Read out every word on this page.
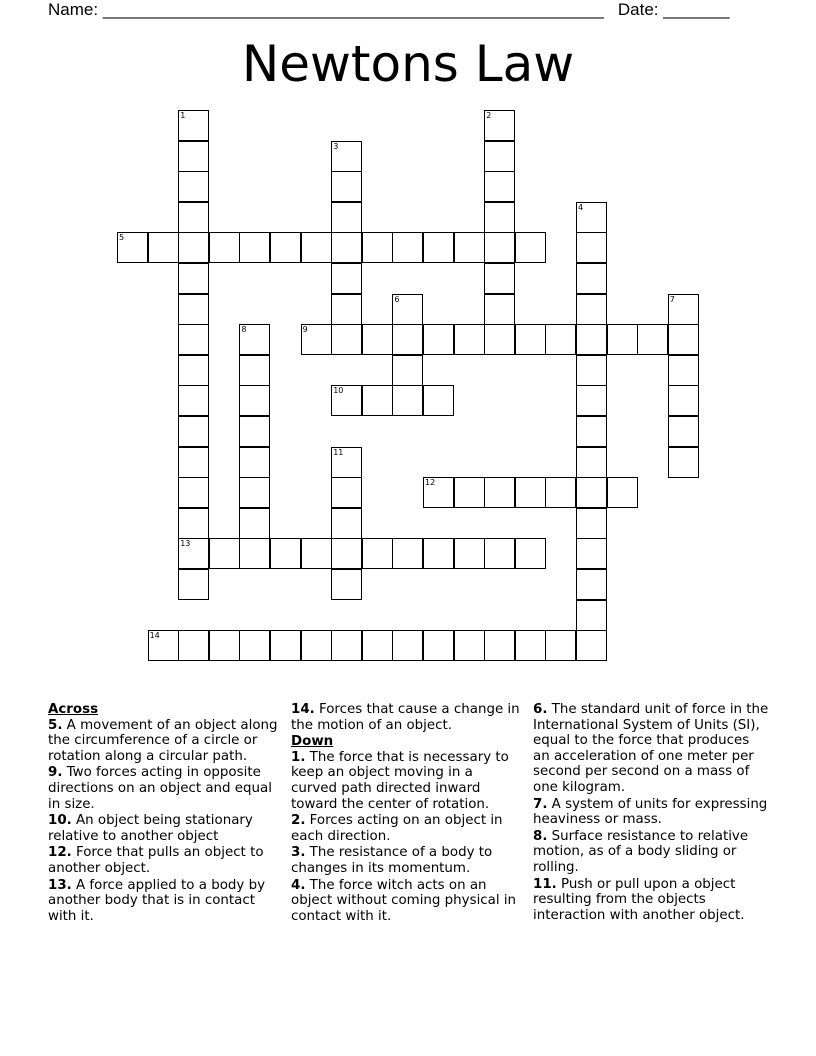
Name: _____________________________________________________ Date: _______
Newtons Law
1
13
2
3
4
5
6	7
8	9
10
11
12
14
Across
5. A movement of an object along the circumference of a circle or rotation along a circular path.
9. Two forces acting in opposite directions on an object and equal in size.
10. An object being stationary relative to another object
12. Force that pulls an object to another object.
13. A force applied to a body by another body that is in contact with it.
14. Forces that cause a change in the motion of an object.
Down
1. The force that is necessary to keep an object moving in a curved path directed inward toward the center of rotation.
2. Forces acting on an object in each direction.
3. The resistance of a body to changes in its momentum.
4. The force witch acts on an object without coming physical in contact with it.
6. The standard unit of force in the International System of Units (SI), equal to the force that produces an acceleration of one meter per second per second on a mass of one kilogram.
7. A system of units for expressing heaviness or mass.
8. Surface resistance to relative motion, as of a body sliding or rolling.
11. Push or pull upon a object resulting from the objects interaction with another object.
